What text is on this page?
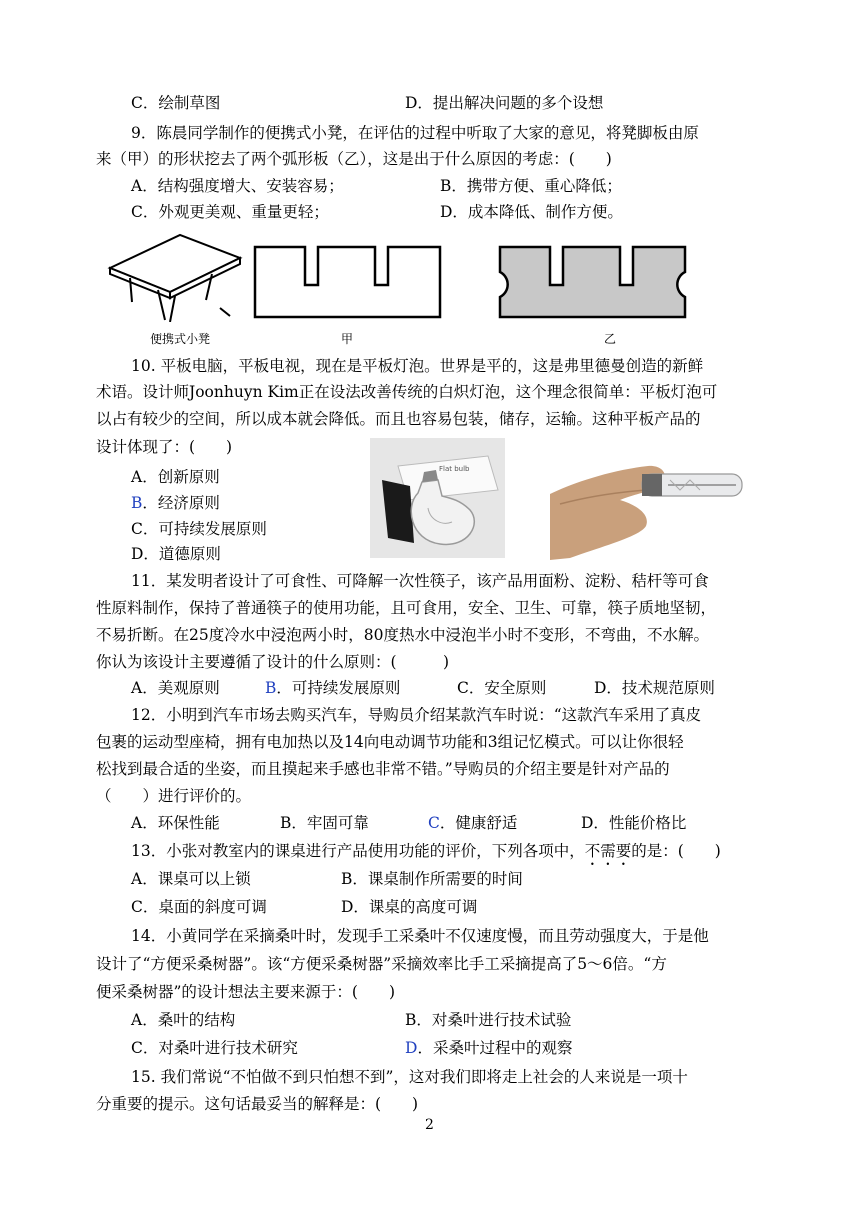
C．绘制草图	D．提出解决问题的多个设想
9．陈晨同学制作的便携式小凳，在评估的过程中听取了大家的意见，将凳脚板由原
来（甲）的形状挖去了两个弧形板（乙），这是出于什么原因的考虑：(　　)
A．结构强度增大、安装容易；	B．携带方便、重心降低；
C．外观更美观、重量更轻；	D．成本降低、制作方便。
便携式小凳	甲	乙
10. 平板电脑，平板电视，现在是平板灯泡。世界是平的，这是弗里德曼创造的新鲜
术语。设计师Joonhuyn Kim正在设法改善传统的白炽灯泡，这个理念很简单：平板灯泡可
以占有较少的空间，所以成本就会降低。而且也容易包装，储存，运输。这种平板产品的
设计体现了：(　　)
A．创新原则
B．经济原则
C．可持续发展原则
D．道德原则
Flat bulb
11．某发明者设计了可食性、可降解一次性筷子，该产品用面粉、淀粉、秸杆等可食
性原料制作，保持了普通筷子的使用功能，且可食用，安全、卫生、可靠，筷子质地坚韧，
不易折断。在25度冷水中浸泡两小时，80度热水中浸泡半小时不变形，不弯曲，不水解。
你认为该设计主要遵循了设计的什么原则：(　　　)
A．美观原则	B．可持续发展原则	C．安全原则	D．技术规范原则
12．小明到汽车市场去购买汽车，导购员介绍某款汽车时说：“这款汽车采用了真皮
包裹的运动型座椅，拥有电加热以及14向电动调节功能和3组记忆模式。可以让你很轻
松找到最合适的坐姿，而且摸起来手感也非常不错。”导购员的介绍主要是针对产品的
（　　）进行评价的。
A．环保性能	B．牢固可靠	C．健康舒适	D．性能价格比
13．小张对教室内的课桌进行产品使用功能的评价，下列各项中，不需要的是：(　　)
A．课桌可以上锁	B．课桌制作所需要的时间
C．桌面的斜度可调	D．课桌的高度可调
14．小黄同学在采摘桑叶时，发现手工采桑叶不仅速度慢，而且劳动强度大，于是他
设计了“方便采桑树器”。该“方便采桑树器”采摘效率比手工采摘提高了5～6倍。“方
便采桑树器”的设计想法主要来源于：(　　)
A．桑叶的结构	B．对桑叶进行技术试验
C．对桑叶进行技术研究	D．采桑叶过程中的观察
15. 我们常说“不怕做不到只怕想不到”，这对我们即将走上社会的人来说是一项十
分重要的提示。这句话最妥当的解释是：(　　)
2
